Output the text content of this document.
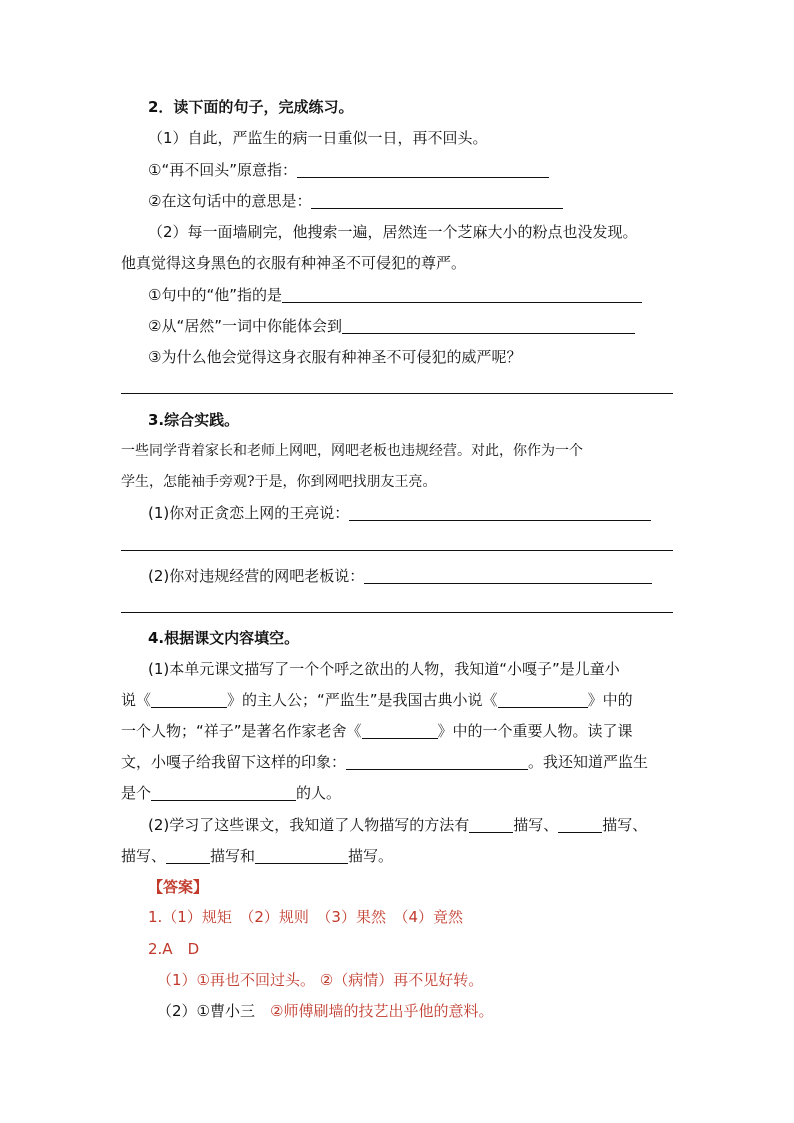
2．读下面的句子，完成练习。
（1）自此，严监生的病一日重似一日，再不回头。
①“再不回头”原意指：
②在这句话中的意思是：
（2）每一面墙刷完，他搜索一遍，居然连一个芝麻大小的粉点也没发现。
他真觉得这身黑色的衣服有种神圣不可侵犯的尊严。
①句中的“他”指的是
②从“居然”一词中你能体会到
③为什么他会觉得这身衣服有种神圣不可侵犯的威严呢？
3.综合实践。
一些同学背着家长和老师上网吧，网吧老板也违规经营。对此，你作为一个
学生，怎能袖手旁观?于是，你到网吧找朋友王亮。
(1)你对正贪恋上网的王亮说：
(2)你对违规经营的网吧老板说：
4.根据课文内容填空。
(1)本单元课文描写了一个个呼之欲出的人物，我知道“小嘎子”是儿童小
说《	》的主人公；“严监生”是我国古典小说《	》中的
一个人物；“祥子”是著名作家老舍《	》中的一个重要人物。读了课
文，小嘎子给我留下这样的印象：	。我还知道严监生
是个	的人。
(2)学习了这些课文，我知道了人物描写的方法有	描写、	描写、
描写、	描写和	描写。
【答案】
1.（1）规矩　（2）规则　（3）果然　（4）竟然
2.A　D
（1）①再也不回过头。 ②（病情）再不见好转。
（2）①曹小三　 ②师傅刷墙的技艺出乎他的意料。
